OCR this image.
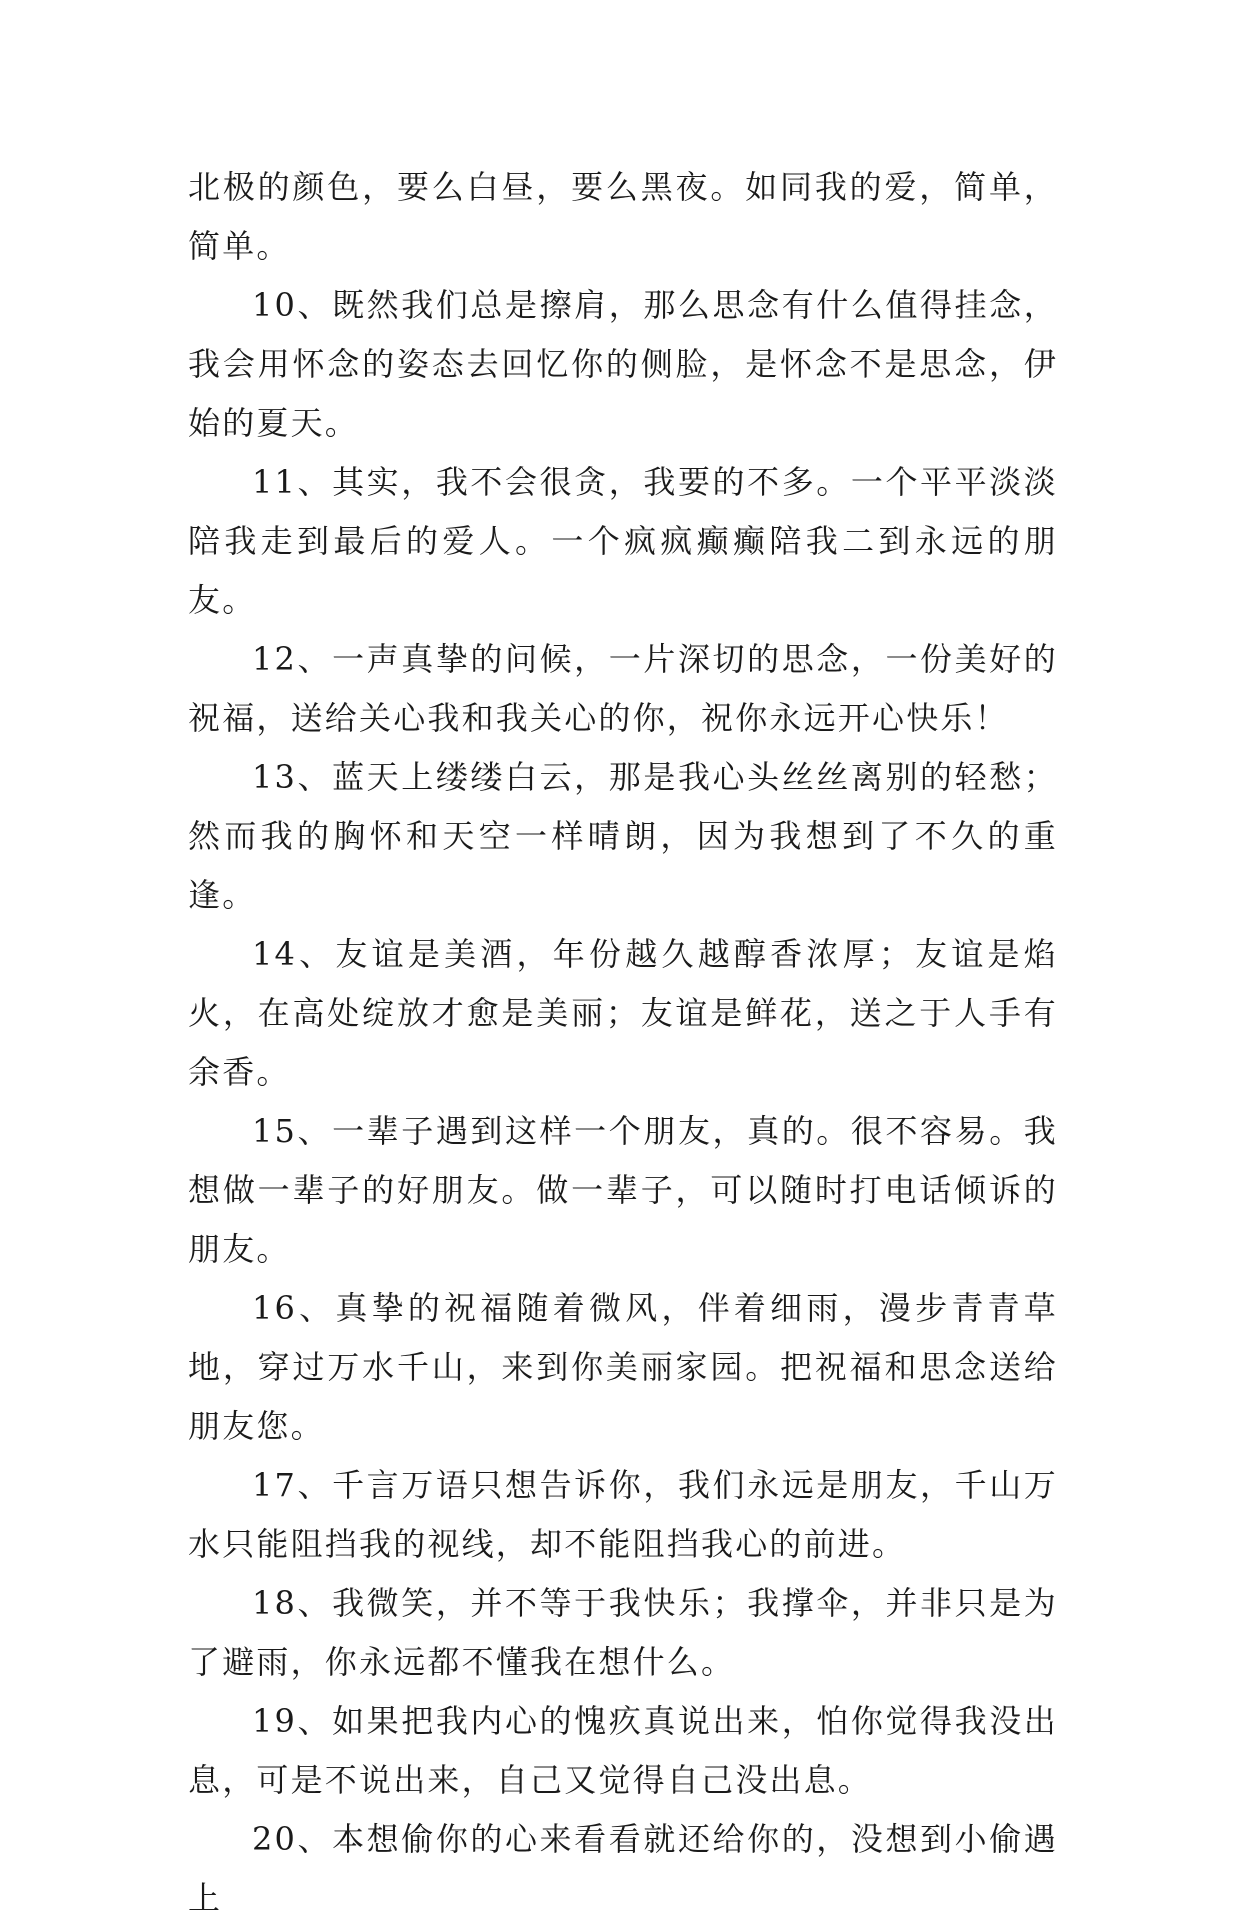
北极的颜色，要么白昼，要么黑夜。如同我的爱，简单，简单。

10、既然我们总是擦肩，那么思念有什么值得挂念，我会用怀念的姿态去回忆你的侧脸，是怀念不是思念，伊始的夏天。

11、其实，我不会很贪，我要的不多。一个平平淡淡陪我走到最后的爱人。一个疯疯癫癫陪我二到永远的朋友。

12、一声真挚的问候，一片深切的思念，一份美好的祝福，送给关心我和我关心的你，祝你永远开心快乐！

13、蓝天上缕缕白云，那是我心头丝丝离别的轻愁；然而我的胸怀和天空一样晴朗，因为我想到了不久的重逢。

14、友谊是美酒，年份越久越醇香浓厚；友谊是焰火，在高处绽放才愈是美丽；友谊是鲜花，送之于人手有余香。

15、一辈子遇到这样一个朋友，真的。很不容易。我想做一辈子的好朋友。做一辈子，可以随时打电话倾诉的朋友。

16、真挚的祝福随着微风，伴着细雨，漫步青青草地，穿过万水千山，来到你美丽家园。把祝福和思念送给朋友您。

17、千言万语只想告诉你，我们永远是朋友，千山万水只能阻挡我的视线，却不能阻挡我心的前进。

18、我微笑，并不等于我快乐；我撑伞，并非只是为了避雨，你永远都不懂我在想什么。

19、如果把我内心的愧疚真说出来，怕你觉得我没出息，可是不说出来，自己又觉得自己没出息。

20、本想偷你的心来看看就还给你的，没想到小偷遇上
